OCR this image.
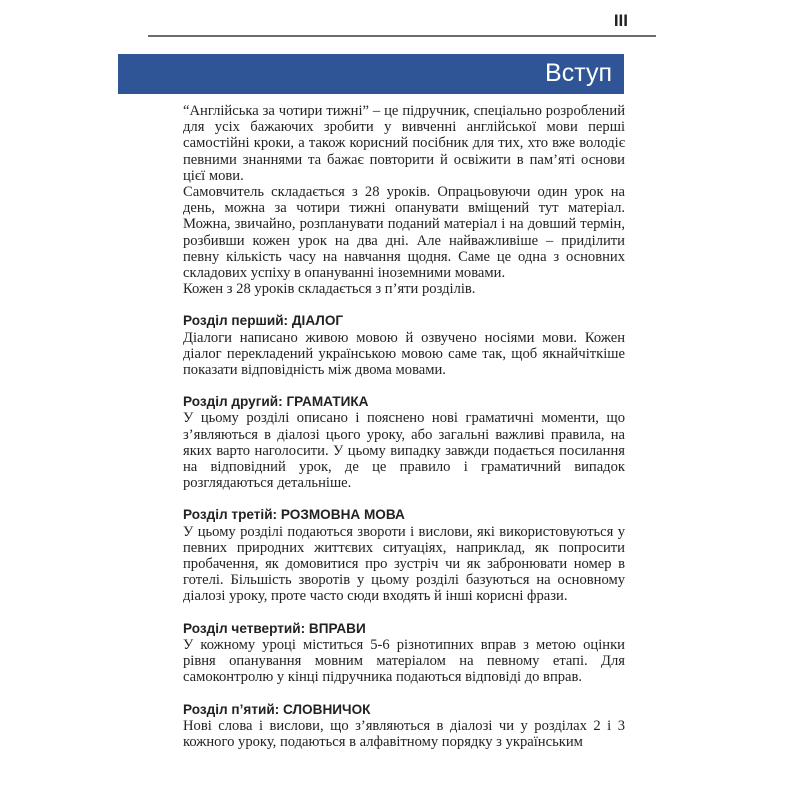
III
Вступ

“Англійська за чотири тижні” ‒ це підручник, спеціально розроблений для усіх бажаючих зробити у вивченні англійської мови перші самостійні кроки, а також корисний посібник для тих, хто вже володіє певними знаннями та бажає повторити й освіжити в пам’яті основи цієї мови.

Самовчитель складається з 28 уроків. Опрацьовуючи один урок на день, можна за чотири тижні опанувати вміщений тут матеріал. Можна, звичайно, розпланувати поданий матеріал і на довший термін, розбивши кожен урок на два дні. Але найважливіше ‒ приділити певну кількість часу на навчання щодня. Саме це одна з основних складових успіху в опануванні іноземними мовами.

Кожен з 28 уроків складається з п’яти розділів.

Розділ перший: ДІАЛОГ

Діалоги написано живою мовою й озвучено носіями мови. Кожен діалог перекладений українською мовою саме так, щоб якнайчіткіше показати відповідність між двома мовами.

Розділ другий: ГРАМАТИКА

У цьому розділі описано і пояснено нові граматичні моменти, що з’являються в діалозі цього уроку, або загальні важливі правила, на яких варто наголосити. У цьому випадку завжди подається посилання на відповідний урок, де це правило і граматичний випадок розглядаються детальніше.

Розділ третій: РОЗМОВНА МОВА

У цьому розділі подаються звороти і вислови, які використовуються у певних природних життєвих ситуаціях, наприклад, як попросити пробачення, як домовитися про зустріч чи як забронювати номер в готелі. Більшість зворотів у цьому розділі базуються на основному діалозі уроку, проте часто сюди входять й інші корисні фрази.

Розділ четвертий: ВПРАВИ

У кожному уроці міститься 5-6 різнотипних вправ з метою оцінки рівня опанування мовним матеріалом на певному етапі. Для самоконтролю у кінці підручника подаються відповіді до вправ.

Розділ п’ятий: СЛОВНИЧОК

Нові слова і вислови, що з’являються в діалозі чи у розділах 2 і 3 кожного уроку, подаються в алфавітному порядку з українським
